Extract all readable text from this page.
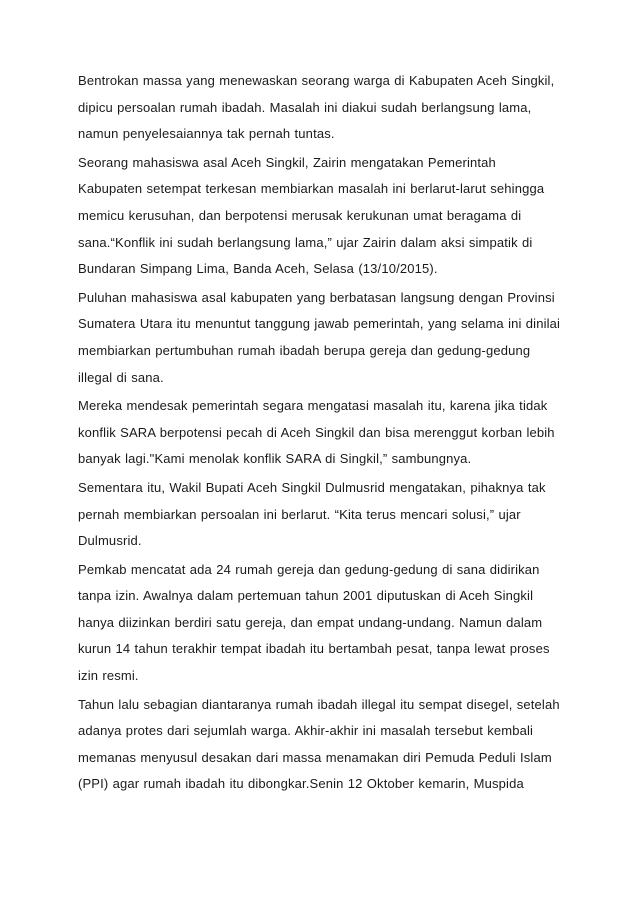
Bentrokan massa yang menewaskan seorang warga di Kabupaten Aceh Singkil,
dipicu persoalan rumah ibadah. Masalah ini diakui sudah berlangsung lama,
namun penyelesaiannya tak pernah tuntas.
Seorang mahasiswa asal Aceh Singkil, Zairin mengatakan Pemerintah
Kabupaten setempat terkesan membiarkan masalah ini berlarut-larut sehingga
memicu kerusuhan, dan berpotensi merusak kerukunan umat beragama di
sana.“Konflik ini sudah berlangsung lama,” ujar Zairin dalam aksi simpatik di
Bundaran Simpang Lima, Banda Aceh, Selasa (13/10/2015).
Puluhan mahasiswa asal kabupaten yang berbatasan langsung dengan Provinsi
Sumatera Utara itu menuntut tanggung jawab pemerintah, yang selama ini dinilai
membiarkan pertumbuhan rumah ibadah berupa gereja dan gedung-gedung
illegal di sana.
Mereka mendesak pemerintah segara mengatasi masalah itu, karena jika tidak
konflik SARA berpotensi pecah di Aceh Singkil dan bisa merenggut korban lebih
banyak lagi."Kami menolak konflik SARA di Singkil,” sambungnya.
Sementara itu, Wakil Bupati Aceh Singkil Dulmusrid mengatakan, pihaknya tak
pernah membiarkan persoalan ini berlarut. “Kita terus mencari solusi,” ujar
Dulmusrid.
Pemkab mencatat ada 24 rumah gereja dan gedung-gedung di sana didirikan
tanpa izin. Awalnya dalam pertemuan tahun 2001 diputuskan di Aceh Singkil
hanya diizinkan berdiri satu gereja, dan empat undang-undang. Namun dalam
kurun 14 tahun terakhir tempat ibadah itu bertambah pesat, tanpa lewat proses
izin resmi.
Tahun lalu sebagian diantaranya rumah ibadah illegal itu sempat disegel, setelah
adanya protes dari sejumlah warga. Akhir-akhir ini masalah tersebut kembali
memanas menyusul desakan dari massa menamakan diri Pemuda Peduli Islam
(PPI) agar rumah ibadah itu dibongkar.Senin 12 Oktober kemarin, Muspida
